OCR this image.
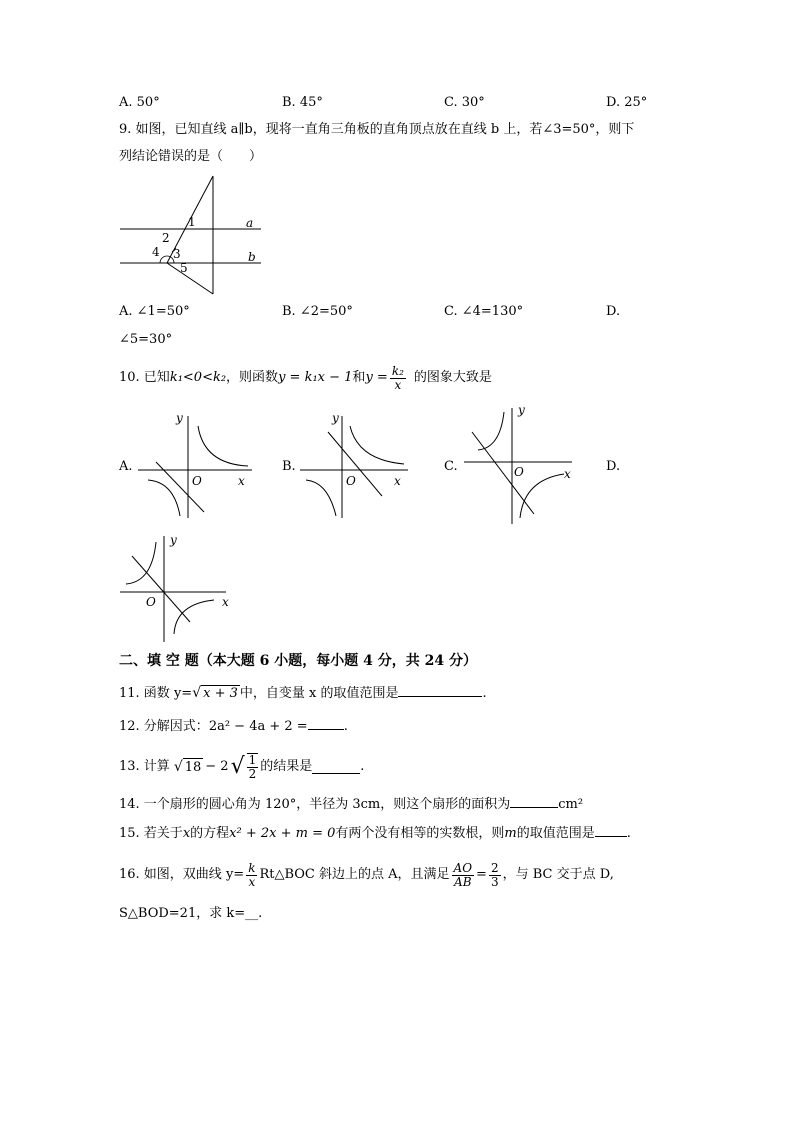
A. 50°	B. 45°	C. 30°	D. 25°
9. 如图，已知直线 a∥b，现将一直角三角板的直角顶点放在直线 b 上，若∠3=50°，则下
列结论错误的是（　　）
1
2
3
4
5
a
b
A. ∠1=50°	B. ∠2=50°	C. ∠4=130°	D.
∠5=30°
10. 已知 k₁<0<k₂ ，则函数 y = k₁x − 1 和 $y = \frac{\text{k₂}}{x}$ 的图象大致是
A.	B.	C.	D.
x
y
O	x
y
O	x
y
O
x
y
O
二、填 空 题（本大题 6 小题，每小题 4 分，共 24 分）
11. 函数 y=√ x + 3 中，自变量 x 的取值范围是	.
12. 分解因式：2a² − 4a + 2 =	.
13. 计算 √ 18 − 2 √ $\frac{1}{2}$ 的结果是	.
14. 一个扇形的圆心角为 120°，半径为 3cm，则这个扇形的面积为	cm²
15. 若关于x的方程x² + 2x + m = 0有两个没有相等的实数根，则m的取值范围是 .
16. 如图，双曲线 $y= \frac{k}{x}$ Rt△BOC 斜边上的点 A，且满足 $\frac{AO}{AB} = \frac{2}{3}$ ，与 BC 交于点 D,
S△BOD=21，求 k=__.
